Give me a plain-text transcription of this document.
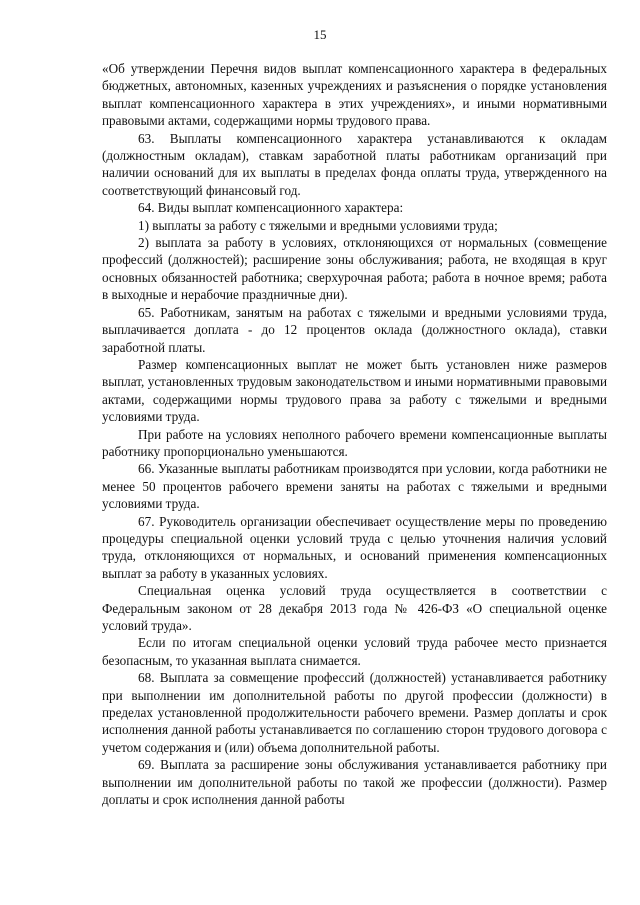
15

«Об утверждении Перечня видов выплат компенсационного характера в федеральных бюджетных, автономных, казенных учреждениях и разъяснения о порядке установления выплат компенсационного характера в этих учреждениях», и иными нормативными правовыми актами, содержащими нормы трудового права.

63. Выплаты компенсационного характера устанавливаются к окладам (должностным окладам), ставкам заработной платы работникам организаций при наличии оснований для их выплаты в пределах фонда оплаты труда, утвержденного на соответствующий финансовый год.

64. Виды выплат компенсационного характера:

1) выплаты за работу с тяжелыми и вредными условиями труда;

2) выплата за работу в условиях, отклоняющихся от нормальных (совмещение профессий (должностей); расширение зоны обслуживания; работа, не входящая в круг основных обязанностей работника; сверхурочная работа; работа в ночное время; работа в выходные и нерабочие праздничные дни).

65. Работникам, занятым на работах с тяжелыми и вредными условиями труда, выплачивается доплата - до 12 процентов оклада (должностного оклада), ставки заработной платы.

Размер компенсационных выплат не может быть установлен ниже размеров выплат, установленных трудовым законодательством и иными нормативными правовыми актами, содержащими нормы трудового права за работу с тяжелыми и вредными условиями труда.

При работе на условиях неполного рабочего времени компенсационные выплаты работнику пропорционально уменьшаются.

66. Указанные выплаты работникам производятся при условии, когда работники не менее 50 процентов рабочего времени заняты на работах с тяжелыми и вредными условиями труда.

67. Руководитель организации обеспечивает осуществление меры по проведению процедуры специальной оценки условий труда с целью уточнения наличия условий труда, отклоняющихся от нормальных, и оснований применения компенсационных выплат за работу в указанных условиях.

Специальная оценка условий труда осуществляется в соответствии с Федеральным законом от 28 декабря 2013 года № 426-ФЗ «О специальной оценке условий труда».

Если по итогам специальной оценки условий труда рабочее место признается безопасным, то указанная выплата снимается.

68. Выплата за совмещение профессий (должностей) устанавливается работнику при выполнении им дополнительной работы по другой профессии (должности) в пределах установленной продолжительности рабочего времени. Размер доплаты и срок исполнения данной работы устанавливается по соглашению сторон трудового договора с учетом содержания и (или) объема дополнительной работы.

69. Выплата за расширение зоны обслуживания устанавливается работнику при выполнении им дополнительной работы по такой же профессии (должности). Размер доплаты и срок исполнения данной работы
